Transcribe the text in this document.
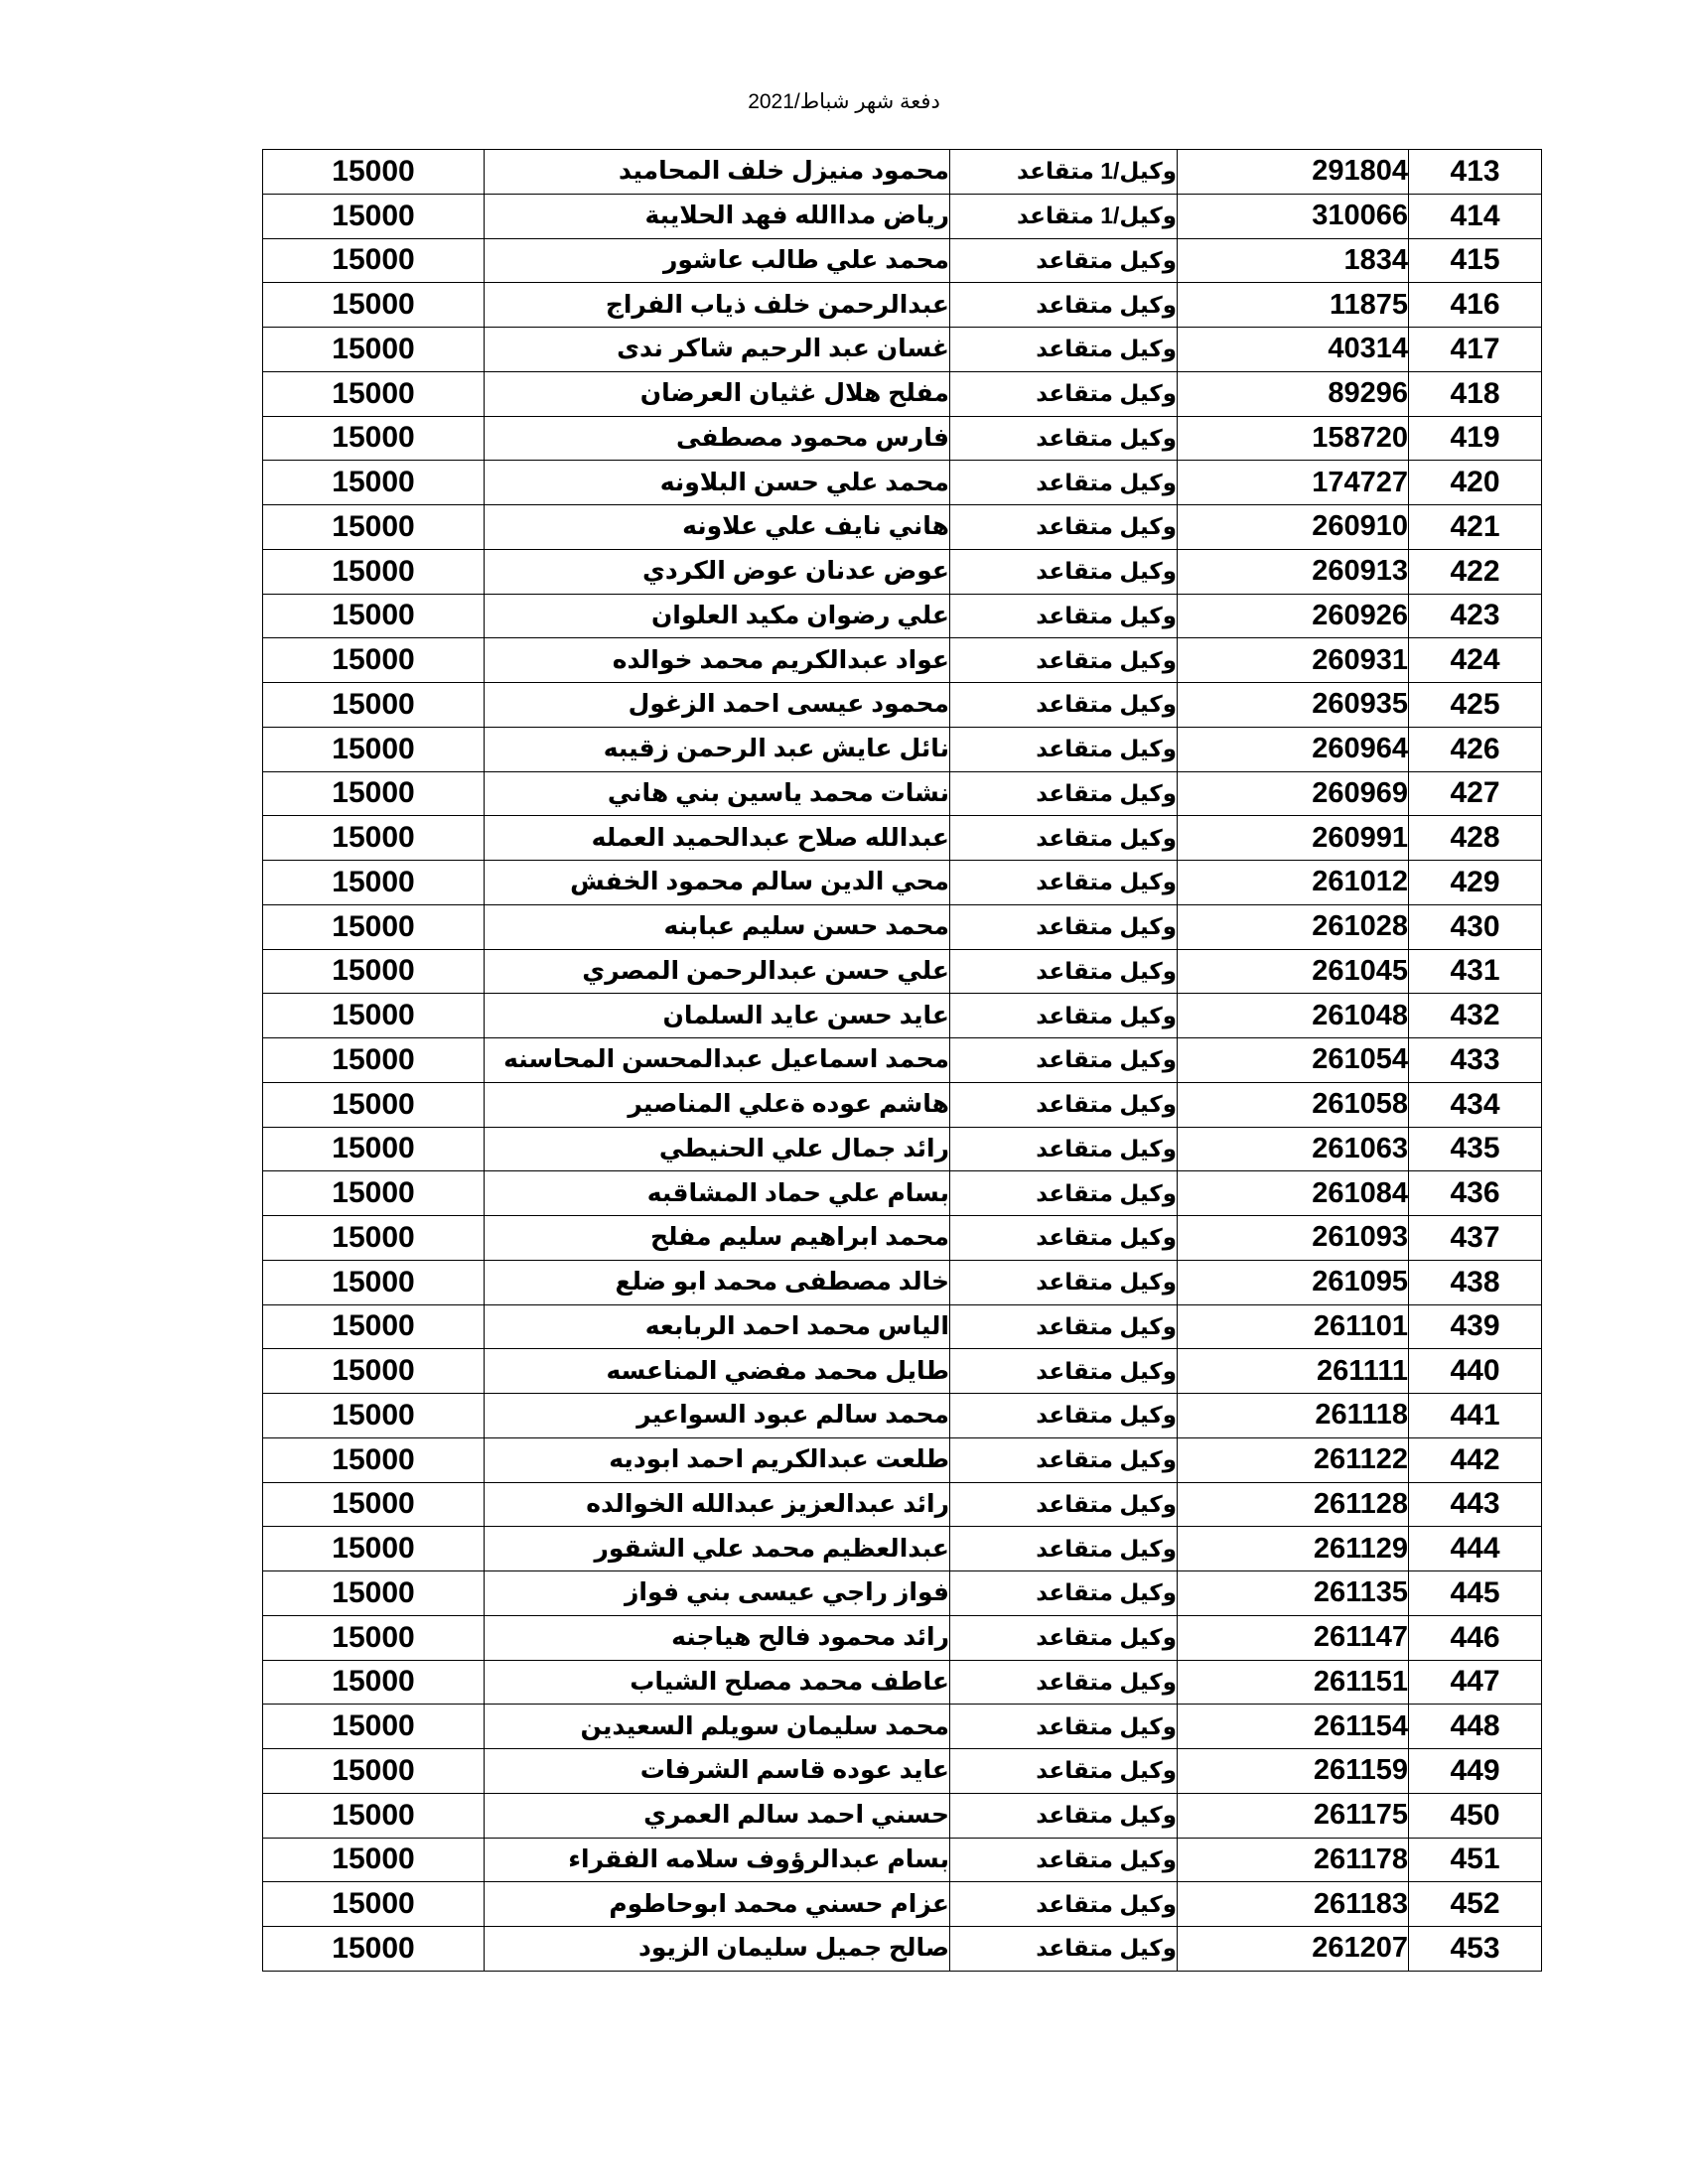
دفعة شهر شباط/2021
15000	محمود منيزل خلف المحاميد	وكيل/1 متقاعد	291804	413
15000	رياض مداالله فهد الحلايبة	وكيل/1 متقاعد	310066	414
15000	محمد علي طالب عاشور	وكيل متقاعد	1834	415
15000	عبدالرحمن خلف ذياب الفراج	وكيل متقاعد	11875	416
15000	غسان عبد الرحيم شاكر ندى	وكيل متقاعد	40314	417
15000	مفلح هلال غثيان العرضان	وكيل متقاعد	89296	418
15000	فارس محمود مصطفى	وكيل متقاعد	158720	419
15000	محمد علي حسن البلاونه	وكيل متقاعد	174727	420
15000	هاني نايف علي علاونه	وكيل متقاعد	260910	421
15000	عوض عدنان عوض الكردي	وكيل متقاعد	260913	422
15000	علي رضوان مكيد العلوان	وكيل متقاعد	260926	423
15000	عواد عبدالكريم محمد خوالده	وكيل متقاعد	260931	424
15000	محمود عيسى احمد الزغول	وكيل متقاعد	260935	425
15000	نائل عايش عبد الرحمن زقيبه	وكيل متقاعد	260964	426
15000	نشات محمد ياسين بني هاني	وكيل متقاعد	260969	427
15000	عبدالله صلاح عبدالحميد العمله	وكيل متقاعد	260991	428
15000	محي الدين سالم محمود الخفش	وكيل متقاعد	261012	429
15000	محمد حسن سليم عبابنه	وكيل متقاعد	261028	430
15000	علي حسن عبدالرحمن المصري	وكيل متقاعد	261045	431
15000	عايد حسن عايد السلمان	وكيل متقاعد	261048	432
15000	محمد اسماعيل عبدالمحسن المحاسنه	وكيل متقاعد	261054	433
15000	هاشم عوده ةعلي المناصير	وكيل متقاعد	261058	434
15000	رائد جمال علي الحنيطي	وكيل متقاعد	261063	435
15000	بسام علي حماد المشاقبه	وكيل متقاعد	261084	436
15000	محمد ابراهيم سليم مفلح	وكيل متقاعد	261093	437
15000	خالد مصطفى محمد ابو ضلع	وكيل متقاعد	261095	438
15000	الياس محمد احمد الربابعه	وكيل متقاعد	261101	439
15000	طايل محمد مفضي المناعسه	وكيل متقاعد	261111	440
15000	محمد سالم عبود السواعير	وكيل متقاعد	261118	441
15000	طلعت عبدالكريم احمد ابوديه	وكيل متقاعد	261122	442
15000	رائد عبدالعزيز عبدالله الخوالده	وكيل متقاعد	261128	443
15000	عبدالعظيم محمد علي الشقور	وكيل متقاعد	261129	444
15000	فواز راجي عيسى بني فواز	وكيل متقاعد	261135	445
15000	رائد محمود فالح هياجنه	وكيل متقاعد	261147	446
15000	عاطف محمد مصلح الشياب	وكيل متقاعد	261151	447
15000	محمد سليمان سويلم السعيدين	وكيل متقاعد	261154	448
15000	عايد عوده قاسم الشرفات	وكيل متقاعد	261159	449
15000	حسني احمد سالم العمري	وكيل متقاعد	261175	450
15000	بسام عبدالرؤوف سلامه الفقراء	وكيل متقاعد	261178	451
15000	عزام حسني محمد ابوحاطوم	وكيل متقاعد	261183	452
15000	صالح جميل سليمان الزيود	وكيل متقاعد	261207	453
